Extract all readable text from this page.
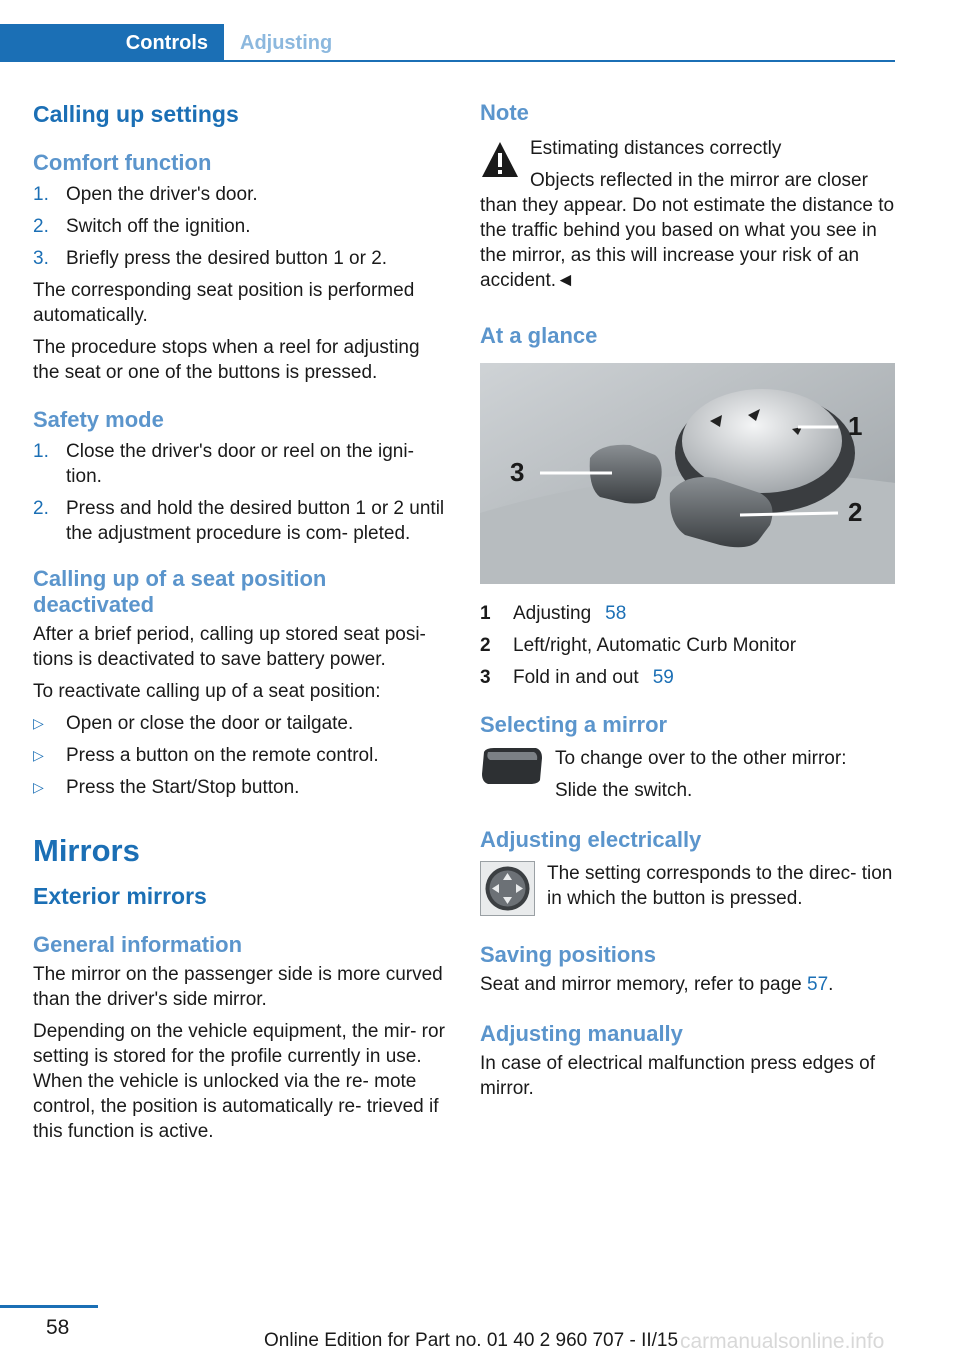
Controls	Adjusting
Calling up settings
Comfort function
1. Open the driver's door.
2. Switch off the ignition.
3. Briefly press the desired button 1 or 2.

The corresponding seat position is performed automatically.

The procedure stops when a reel for adjusting the seat or one of the buttons is pressed.

Safety mode
1. Close the driver's door or reel on the igni‐ tion.
2. Press and hold the desired button 1 or 2 until the adjustment procedure is com‐ pleted.
Calling up of a seat position deactivated

After a brief period, calling up stored seat posi‐ tions is deactivated to save battery power.

To reactivate calling up of a seat position:

▷	Open or close the door or tailgate.
▷	Press a button on the remote control.
▷	Press the Start/Stop button.
Mirrors
Exterior mirrors
General information

The mirror on the passenger side is more curved than the driver's side mirror.

Depending on the vehicle equipment, the mir‐ ror setting is stored for the profile currently in use. When the vehicle is unlocked via the re‐ mote control, the position is automatically re‐ trieved if this function is active.

Note

Estimating distances correctly

Objects reflected in the mirror are closer

than they appear. Do not estimate the distance to the traffic behind you based on what you see in the mirror, as this will increase your risk of an accident.◄

At a glance
3
1
2
1	Adjusting 58
2	Left/right, Automatic Curb Monitor
3	Fold in and out 59
Selecting a mirror

To change over to the other mirror:

Slide the switch.

Adjusting electrically

The setting corresponds to the direc‐ tion in which the button is pressed.

Saving positions

Seat and mirror memory, refer to page 57.

Adjusting manually

In case of electrical malfunction press edges of mirror.

58
Online Edition for Part no. 01 40 2 960 707 - II/15 carmanualsonline.info
